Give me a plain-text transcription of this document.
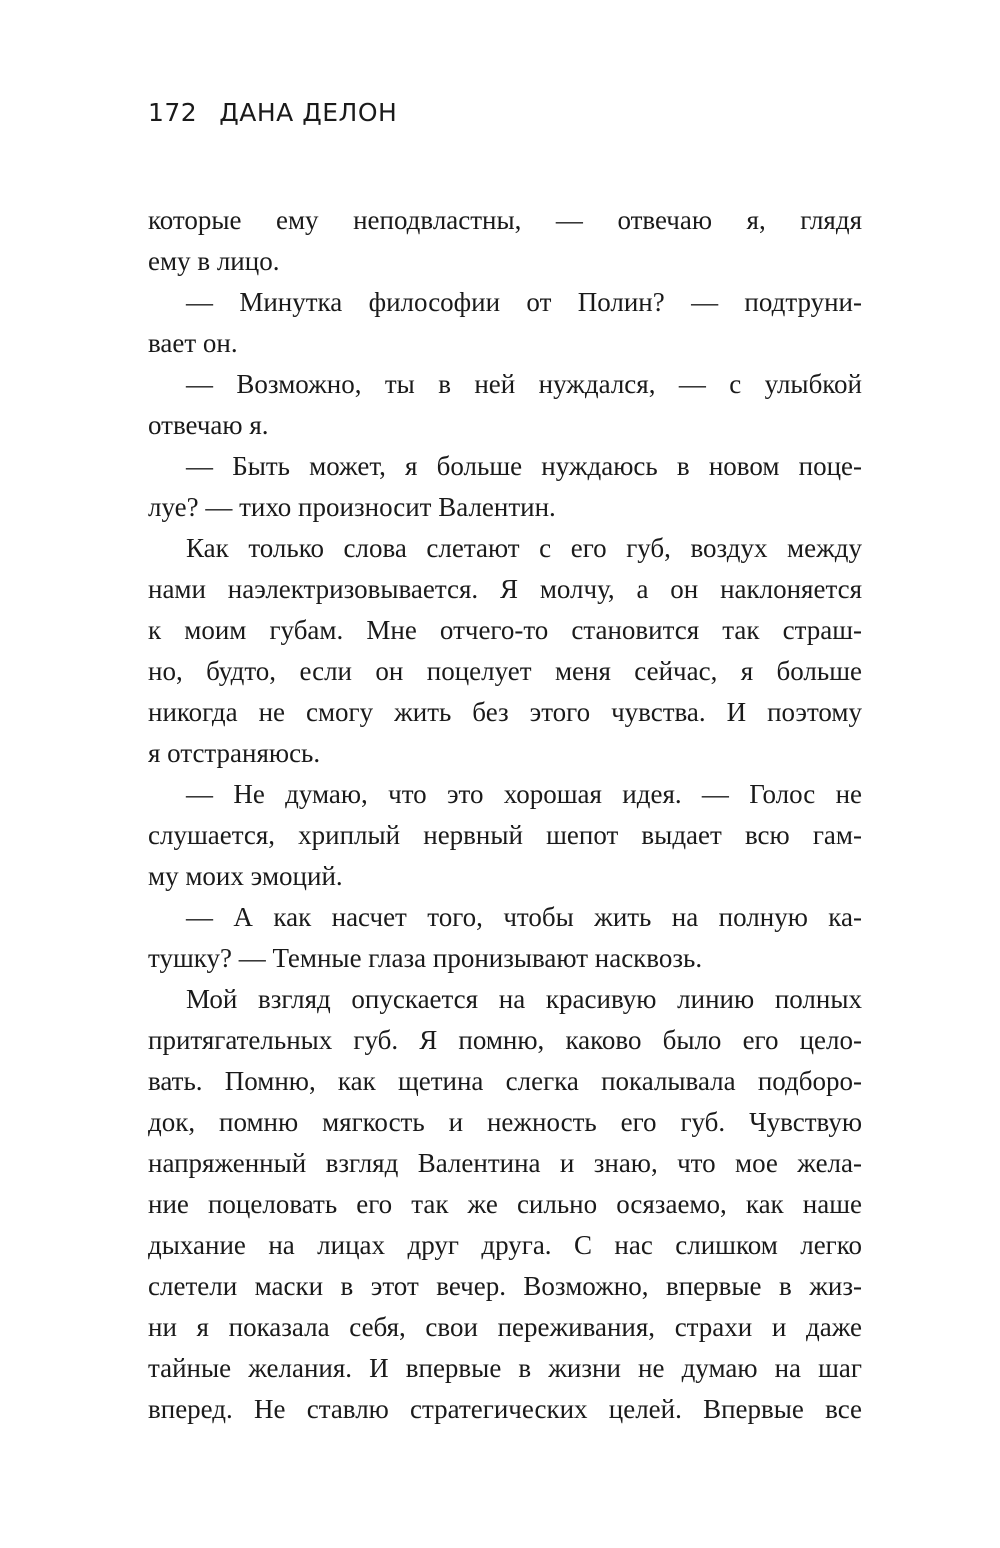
172 ДАНА ДЕЛОН
которые ему неподвластны, — отвечаю я, глядя
ему в лицо.
— Минутка философии от Полин? — подтруни-
вает он.
— Возможно, ты в ней нуждался, — с улыбкой
отвечаю я.
— Быть может, я больше нуждаюсь в новом поце-
луе? — тихо произносит Валентин.
Как только слова слетают с его губ, воздух между
нами наэлектризовывается. Я молчу, а он наклоняется
к моим губам. Мне отчего-то становится так страш-
но, будто, если он поцелует меня сейчас, я больше
никогда не смогу жить без этого чувства. И поэтому
я отстраняюсь.
— Не думаю, что это хорошая идея. — Голос не
слушается, хриплый нервный шепот выдает всю гам-
му моих эмоций.
— А как насчет того, чтобы жить на полную ка-
тушку? — Темные глаза пронизывают насквозь.
Мой взгляд опускается на красивую линию полных
притягательных губ. Я помню, каково было его цело-
вать. Помню, как щетина слегка покалывала подборо-
док, помню мягкость и нежность его губ. Чувствую
напряженный взгляд Валентина и знаю, что мое жела-
ние поцеловать его так же сильно осязаемо, как наше
дыхание на лицах друг друга. С нас слишком легко
слетели маски в этот вечер. Возможно, впервые в жиз-
ни я показала себя, свои переживания, страхи и даже
тайные желания. И впервые в жизни не думаю на шаг
вперед. Не ставлю стратегических целей. Впервые все
